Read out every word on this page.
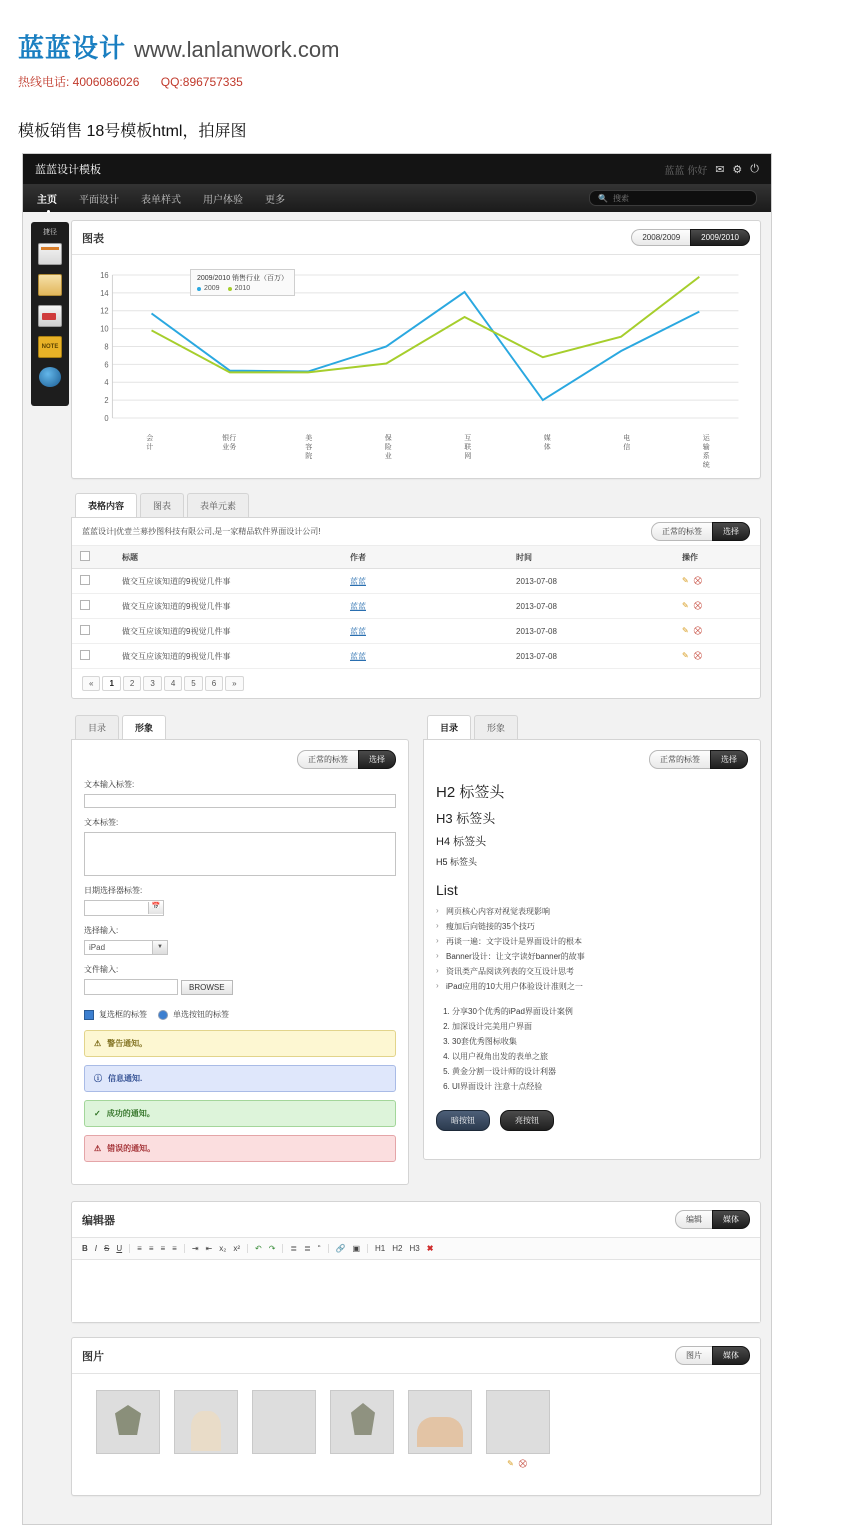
蓝蓝设计 www.lanlanwork.com
热线电话: 4006086026 QQ:896757335
模板销售 18号模板html，拍屏图
蓝蓝设计模板	蓝蓝 你好 ✉ ⚙ ⏻
主页 平面设计 表单样式 用户体验 更多	🔍 搜索
捷径
NOTE
图表	2008/2009	2009/2010
2009/2010 销售行业（百万）
2009 2010
0
2
4
6
8
10
12
14
16
会
计
银行
业务
美
容
院
保
险
业
互
联
网
媒
体
电
信
运
输
系
统
表格内容	图表	表单元素
蓝蓝设计|优壹兰募抄图科技有限公司,是一家精品软件界面设计公司!	正常的标签	选择
	标题	作者	时间	操作
	做交互应该知道的9视觉几件事	蓝蓝	2013-07-08	✎ ⛒
	做交互应该知道的9视觉几件事	蓝蓝	2013-07-08	✎ ⛒
	做交互应该知道的9视觉几件事	蓝蓝	2013-07-08	✎ ⛒
	做交互应该知道的9视觉几件事	蓝蓝	2013-07-08	✎ ⛒
«	1	2	3	4	5	6	»
目录	形象
正常的标签	选择
文本输入标签:
文本标签:
日期选择器标签:
📅
选择输入:
iPad	▼
文件输入:
BROWSE
复选框的标签	单选按钮的标签
⚠ 警告通知。
ⓘ 信息通知.
✓ 成功的通知。
⚠ 错误的通知。
目录	形象
正常的标签	选择
H2 标签头
H3 标签头
H4 标签头
H5 标签头
List
› 网页核心内容对视觉表现影响
› 瘦加后向链接的35个技巧
› 再谈一遍：文字设计是界面设计的根本
› Banner设计：让文字读好banner的故事
› 资讯类产品阅读列表的交互设计思考
› iPad应用的10大用户体验设计准则之一
1. 分享30个优秀的iPad界面设计案例
2. 加深设计完美用户界面
3. 30套优秀图标收集
4. 以用户视角出发的表单之旅
5. 黄金分割一设计师的设计利器
6. UI界面设计 注意十点经验
暗按钮	亮按钮
编辑器	编辑	媒体
B I S U ≡ ≡ ≡ ≡ ⇥ ⇤ x₂ x² ↶ ↷ ≣ ≣ “ 🔗 ▣ H1 H2 H3 ✖
图片	图片	媒体
✎ ⛒
